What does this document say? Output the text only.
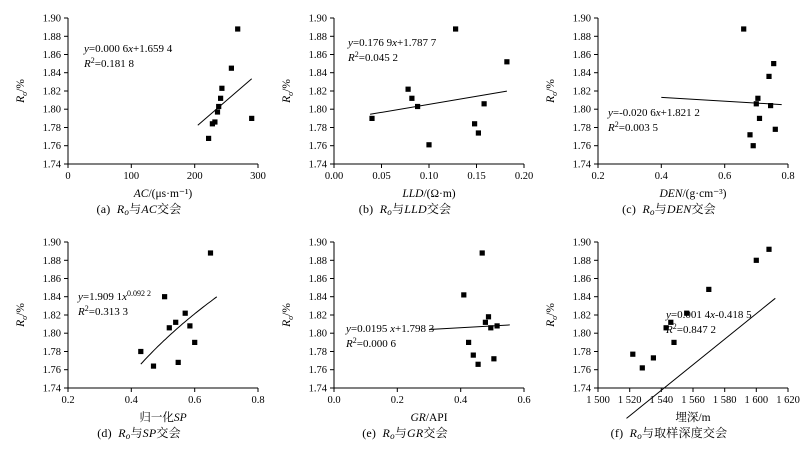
1.74
1.76
1.78
1.80
1.82
1.84
1.86
1.88
1.90
0	100	200	300
$R_o/\%$
AC/(μs·m⁻¹)
y=0.000 6x+1.659 4
$R^2=0.181$ 8
(a) $R_o$与AC交会
1.74
1.76
1.78
1.80
1.82
1.84
1.86
1.88
1.90
0.00	0.05	0.10	0.15	0.20
$R_o/\%$
LLD/(Ω·m)
y=0.176 9x+1.787 7
$R^2=0.045$ 2
(b) $R_o$与LLD交会
1.74
1.76
1.78
1.80
1.82
1.84
1.86
1.88
1.90
0.2	0.4	0.6	0.8
$R_o/\%$
DEN/(g·cm⁻³)
y=-0.020 6x+1.821 2
$R^2=0.003$ 5
(c) $R_o$与DEN交会
1.74
1.76
1.78
1.80
1.82
1.84
1.86
1.88
1.90
0.2	0.4	0.6	0.8
$R_o/\%$
归一化SP
y=1.909 $1x^{0.092 2}$
$R^2=0.313$ 3
(d) $R_o$与SP交会
1.74
1.76
1.78
1.80
1.82
1.84
1.86
1.88
1.90
0.0	0.2	0.4	0.6
$R_o/\%$
GR/API
y=0.0195 x+1.798 3
$R^2=0.000$ 6
(e) $R_o$与GR交会
1.74
1.76
1.78
1.80
1.82
1.84
1.86
1.88
1.90
1 500 1 520 1 540 1 560 1 580 1 600 1 620
$R_o/\%$
埋深/m
y=0.001 4x-0.418 5
$R^2=0.847$ 2
(f) $R_o$与取样深度交会
